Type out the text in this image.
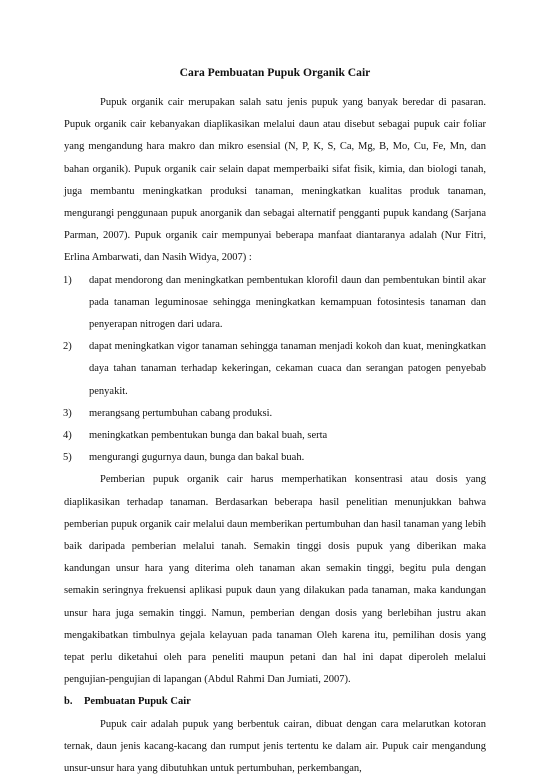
Cara Pembuatan Pupuk Organik Cair

Pupuk organik cair merupakan salah satu jenis pupuk yang banyak beredar di pasaran. Pupuk organik cair kebanyakan diaplikasikan melalui daun atau disebut sebagai pupuk cair foliar yang mengandung hara makro dan mikro esensial (N, P, K, S, Ca, Mg, B, Mo, Cu, Fe, Mn, dan bahan organik). Pupuk organik cair selain dapat memperbaiki sifat fisik, kimia, dan biologi tanah, juga membantu meningkatkan produksi tanaman, meningkatkan kualitas produk tanaman, mengurangi penggunaan pupuk anorganik dan sebagai alternatif pengganti pupuk kandang (Sarjana Parman, 2007). Pupuk organik cair mempunyai beberapa manfaat diantaranya adalah (Nur Fitri, Erlina Ambarwati, dan Nasih Widya, 2007) :

1) dapat mendorong dan meningkatkan pembentukan klorofil daun dan pembentukan bintil akar pada tanaman leguminosae sehingga meningkatkan kemampuan fotosintesis tanaman dan penyerapan nitrogen dari udara.
2) dapat meningkatkan vigor tanaman sehingga tanaman menjadi kokoh dan kuat, meningkatkan daya tahan tanaman terhadap kekeringan, cekaman cuaca dan serangan patogen penyebab penyakit.
3) merangsang pertumbuhan cabang produksi.
4) meningkatkan pembentukan bunga dan bakal buah, serta
5) mengurangi gugurnya daun, bunga dan bakal buah.

Pemberian pupuk organik cair harus memperhatikan konsentrasi atau dosis yang diaplikasikan terhadap tanaman. Berdasarkan beberapa hasil penelitian menunjukkan bahwa pemberian pupuk organik cair melalui daun memberikan pertumbuhan dan hasil tanaman yang lebih baik daripada pemberian melalui tanah. Semakin tinggi dosis pupuk yang diberikan maka kandungan unsur hara yang diterima oleh tanaman akan semakin tinggi, begitu pula dengan semakin seringnya frekuensi aplikasi pupuk daun yang dilakukan pada tanaman, maka kandungan unsur hara juga semakin tinggi. Namun, pemberian dengan dosis yang berlebihan justru akan mengakibatkan timbulnya gejala kelayuan pada tanaman Oleh karena itu, pemilihan dosis yang tepat perlu diketahui oleh para peneliti maupun petani dan hal ini dapat diperoleh melalui pengujian-pengujian di lapangan (Abdul Rahmi Dan Jumiati, 2007).

b. Pembuatan Pupuk Cair

Pupuk cair adalah pupuk yang berbentuk cairan, dibuat dengan cara melarutkan kotoran ternak, daun jenis kacang-kacang dan rumput jenis tertentu ke dalam air. Pupuk cair mengandung unsur-unsur hara yang dibutuhkan untuk pertumbuhan, perkembangan,
